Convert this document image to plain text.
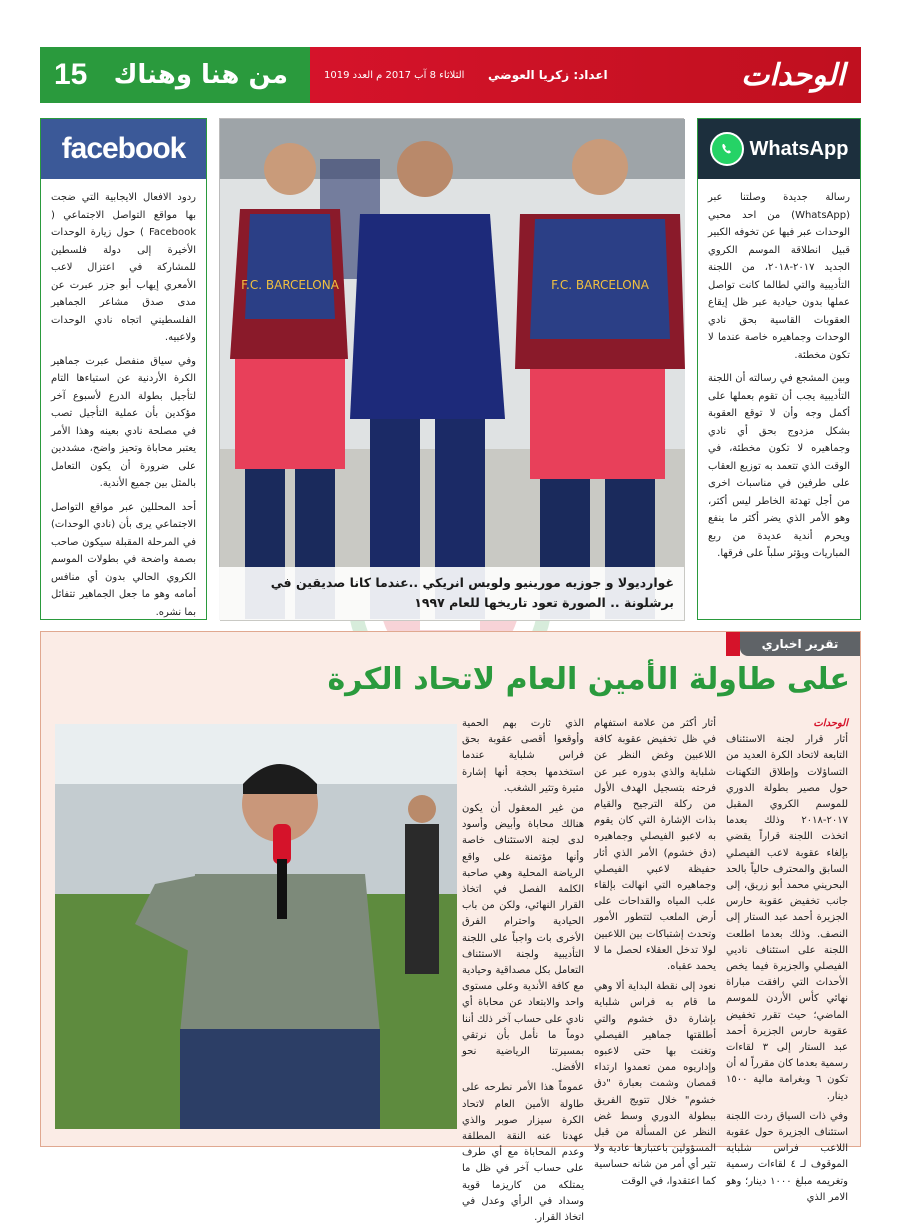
15 من هنا وهناك	الوحدات
اعداد: زكريا العوضي
الثلاثاء 8 آب 2017 م العدد 1019
facebook

ردود الافعال الايجابية التي ضجت بها مواقع التواصل الاجتماعي ( Facebook ) حول زيارة الوحدات الأخيرة إلى دولة فلسطين للمشاركة في اعتزال لاعب الأمعري إيهاب أبو جزر عبرت عن مدى صدق مشاعر الجماهير الفلسطيني اتجاه نادي الوحدات ولاعبيه.

وفي سياق منفصل عبرت جماهير الكرة الأردنية عن استياءها التام لتأجيل بطولة الدرع لأسبوع آخر مؤكدين بأن عملية التأجيل تصب في مصلحة نادي بعينه وهذا الأمر يعتبر محاباة وتحيز واضح، مشددين على ضرورة أن يكون التعامل بالمثل بين جميع الأندية.

أحد المحللين عبر مواقع التواصل الاجتماعي يرى بأن (نادي الوحدات) في المرحلة المقبلة سيكون صاحب بصمة واضحة في بطولات الموسم الكروي الحالي بدون أي منافس أمامه وهو ما جعل الجماهير تتفائل بما نشره.

WhatsApp

رسالة جديدة وصلتنا عبر (WhatsApp) من احد محبي الوحدات عبر فيها عن تخوفه الكبير قبيل انطلاقة الموسم الكروي الجديد ٢٠١٧-٢٠١٨، من اللجنة التأديبية والتي لطالما كانت تواصل عملها بدون حيادية عبر ظل إيقاع العقوبات القاسية بحق نادي الوحدات وجماهيره خاصة عندما لا تكون مخطئة.

وبين المشجع في رسالته أن اللجنة التأديبية يجب أن تقوم بعملها على أكمل وجه وأن لا توقع العقوبة بشكل مزدوج بحق أي نادي وجماهيره لا تكون مخطئة، في الوقت الذي تتعمد به توزيع العقاب على طرفين في مناسبات اخرى من أجل تهدئة الخاطر ليس أكثر، وهو الأمر الذي يضر أكثر ما ينفع ويحرم أندية عديدة من ربع المباريات ويؤثر سلباً على فرقها.

F.C. BARCELONA	F.C. BARCELONA
غوارديولا و جوزيه مورينيو ولويس انريكي ..عندما كانا صديقين في برشلونة .. الصورة تعود تاريخها للعام ١٩٩٧
تقرير اخباري
على طاولة الأمين العام لاتحاد الكرة
الوحدات

أثار قرار لجنة الاستئناف التابعة لاتحاد الكرة العديد من التساؤلات وإطلاق التكهنات حول مصير بطولة الدوري للموسم الكروي المقبل ٢٠١٧-٢٠١٨ وذلك بعدما اتخذت اللجنة قراراً يقضي بإلغاء عقوبة لاعب الفيصلي السابق والمحترف حالياً بالحد البحريني محمد أبو زريق، إلى جانب تخفيض عقوبة حارس الجزيرة أحمد عبد الستار إلى النصف. وذلك بعدما اطلعت اللجنة على استئناف ناديي الفيصلي والجزيرة فيما يخص الأحداث التي رافقت مباراة نهائي كأس الأردن للموسم الماضي؛ حيث تقرر تخفيض عقوبة حارس الجزيرة أحمد عبد الستار إلى ٣ لقاءات رسمية بعدما كان مقرراً له أن تكون ٦ وبغرامة مالية ١٥٠٠ دينار.

وفي ذات السياق ردت اللجنة استئناف الجزيرة حول عقوبة اللاعب فراس شلباية الموقوف لـ ٤ لقاءات رسمية وتغريمه مبلغ ١٠٠٠ دينار؛ وهو الامر الذي

أثار أكثر من علامة استفهام في ظل تخفيض عقوبة كافة اللاعبين وغض النظر عن شلباية والذي بدوره عبر عن فرحته بتسجيل الهدف الأول من ركلة الترجيح والقيام بذات الإشارة التي كان يقوم به لاعبو الفيصلي وجماهيره (دق خشوم) الأمر الذي أثار حفيظة لاعبي الفيصلي وجماهيره التي انهالت بإلقاء علب المياه والقداحات على أرض الملعب لتتطور الأمور وتحدث إشتباكات بين اللاعبين لولا تدخل العقلاء لحصل ما لا يحمد عقباه.

نعود إلى نقطة البداية ألا وهي ما قام به فراس شلباية بإشارة دق خشوم والتي أطلقتها جماهير الفيصلي وتغنت بها حتى لاعبوه وإداريوه ممن تعمدوا ارتداء قمصان وشمت بعبارة "دق خشوم" خلال تتويج الفريق ببطولة الدوري وسط غض النظر عن المسألة من قبل المسؤولين باعتبارها عادية ولا تثير أي أمر من شانه حساسية كما اعتقدوا، في الوقت

الذي ثارت بهم الحمية وأوقعوا أقصى عقوبة بحق فراس شلباية عندما استخدمها بحجة أنها إشارة مثيرة وتثير الشغب.

من غير المعقول أن يكون هنالك محاباة وأبيض وأسود لدى لجنة الاستئناف خاصة وأنها مؤتمنة على واقع الرياضة المحلية وهي صاحبة الكلمة الفصل في اتخاذ القرار النهائي، ولكن من باب الحيادية واحترام الفرق الأخرى بات واجباً على اللجنة التأديبية ولجنة الاستئناف التعامل بكل مصداقية وحيادية مع كافة الأندية وعلى مستوى واحد والابتعاد عن محاباة أي نادي على حساب آخر ذلك أننا دوماً ما نأمل بأن نرتقي بمسيرتنا الرياضية نحو الأفضل.

عموماً هذا الأمر نطرحه على طاولة الأمين العام لاتحاد الكرة سيزار صوبر والذي عهدنا عنه النقة المطلقة وعدم المحاباة مع أي طرف على حساب آخر في ظل ما يمتلكه من كاريزما قوية وسداد في الرأي وعدل في اتخاذ القرار.
